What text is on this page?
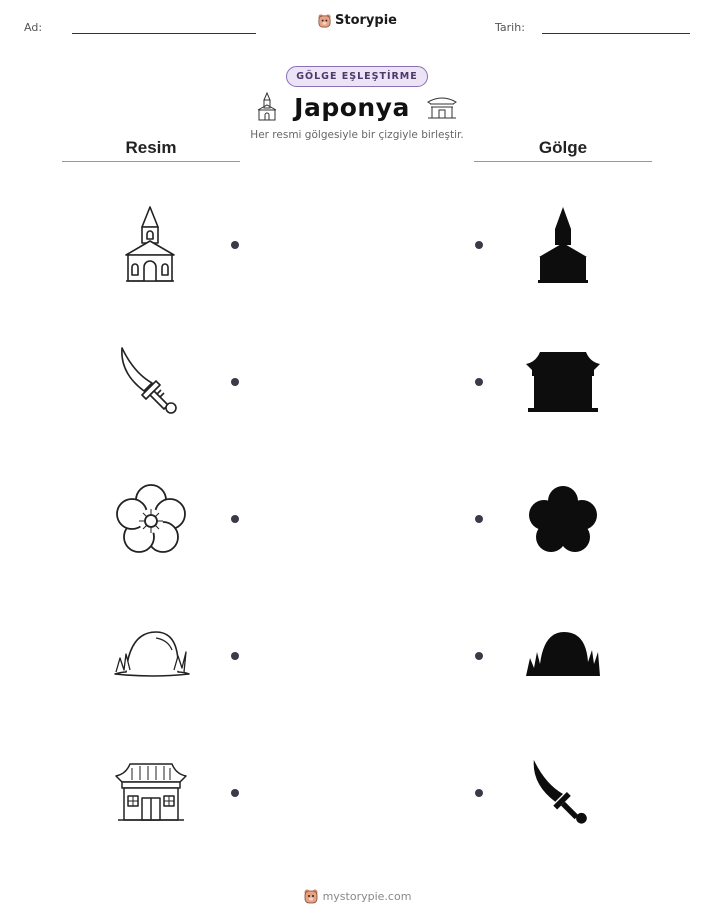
Ad:	Storypie	Tarih:
GÖLGE EŞLEŞTİRME
Japonya
Her resmi gölgesiyle bir çizgiyle birleştir.
Resim	Gölge
mystorypie.com
